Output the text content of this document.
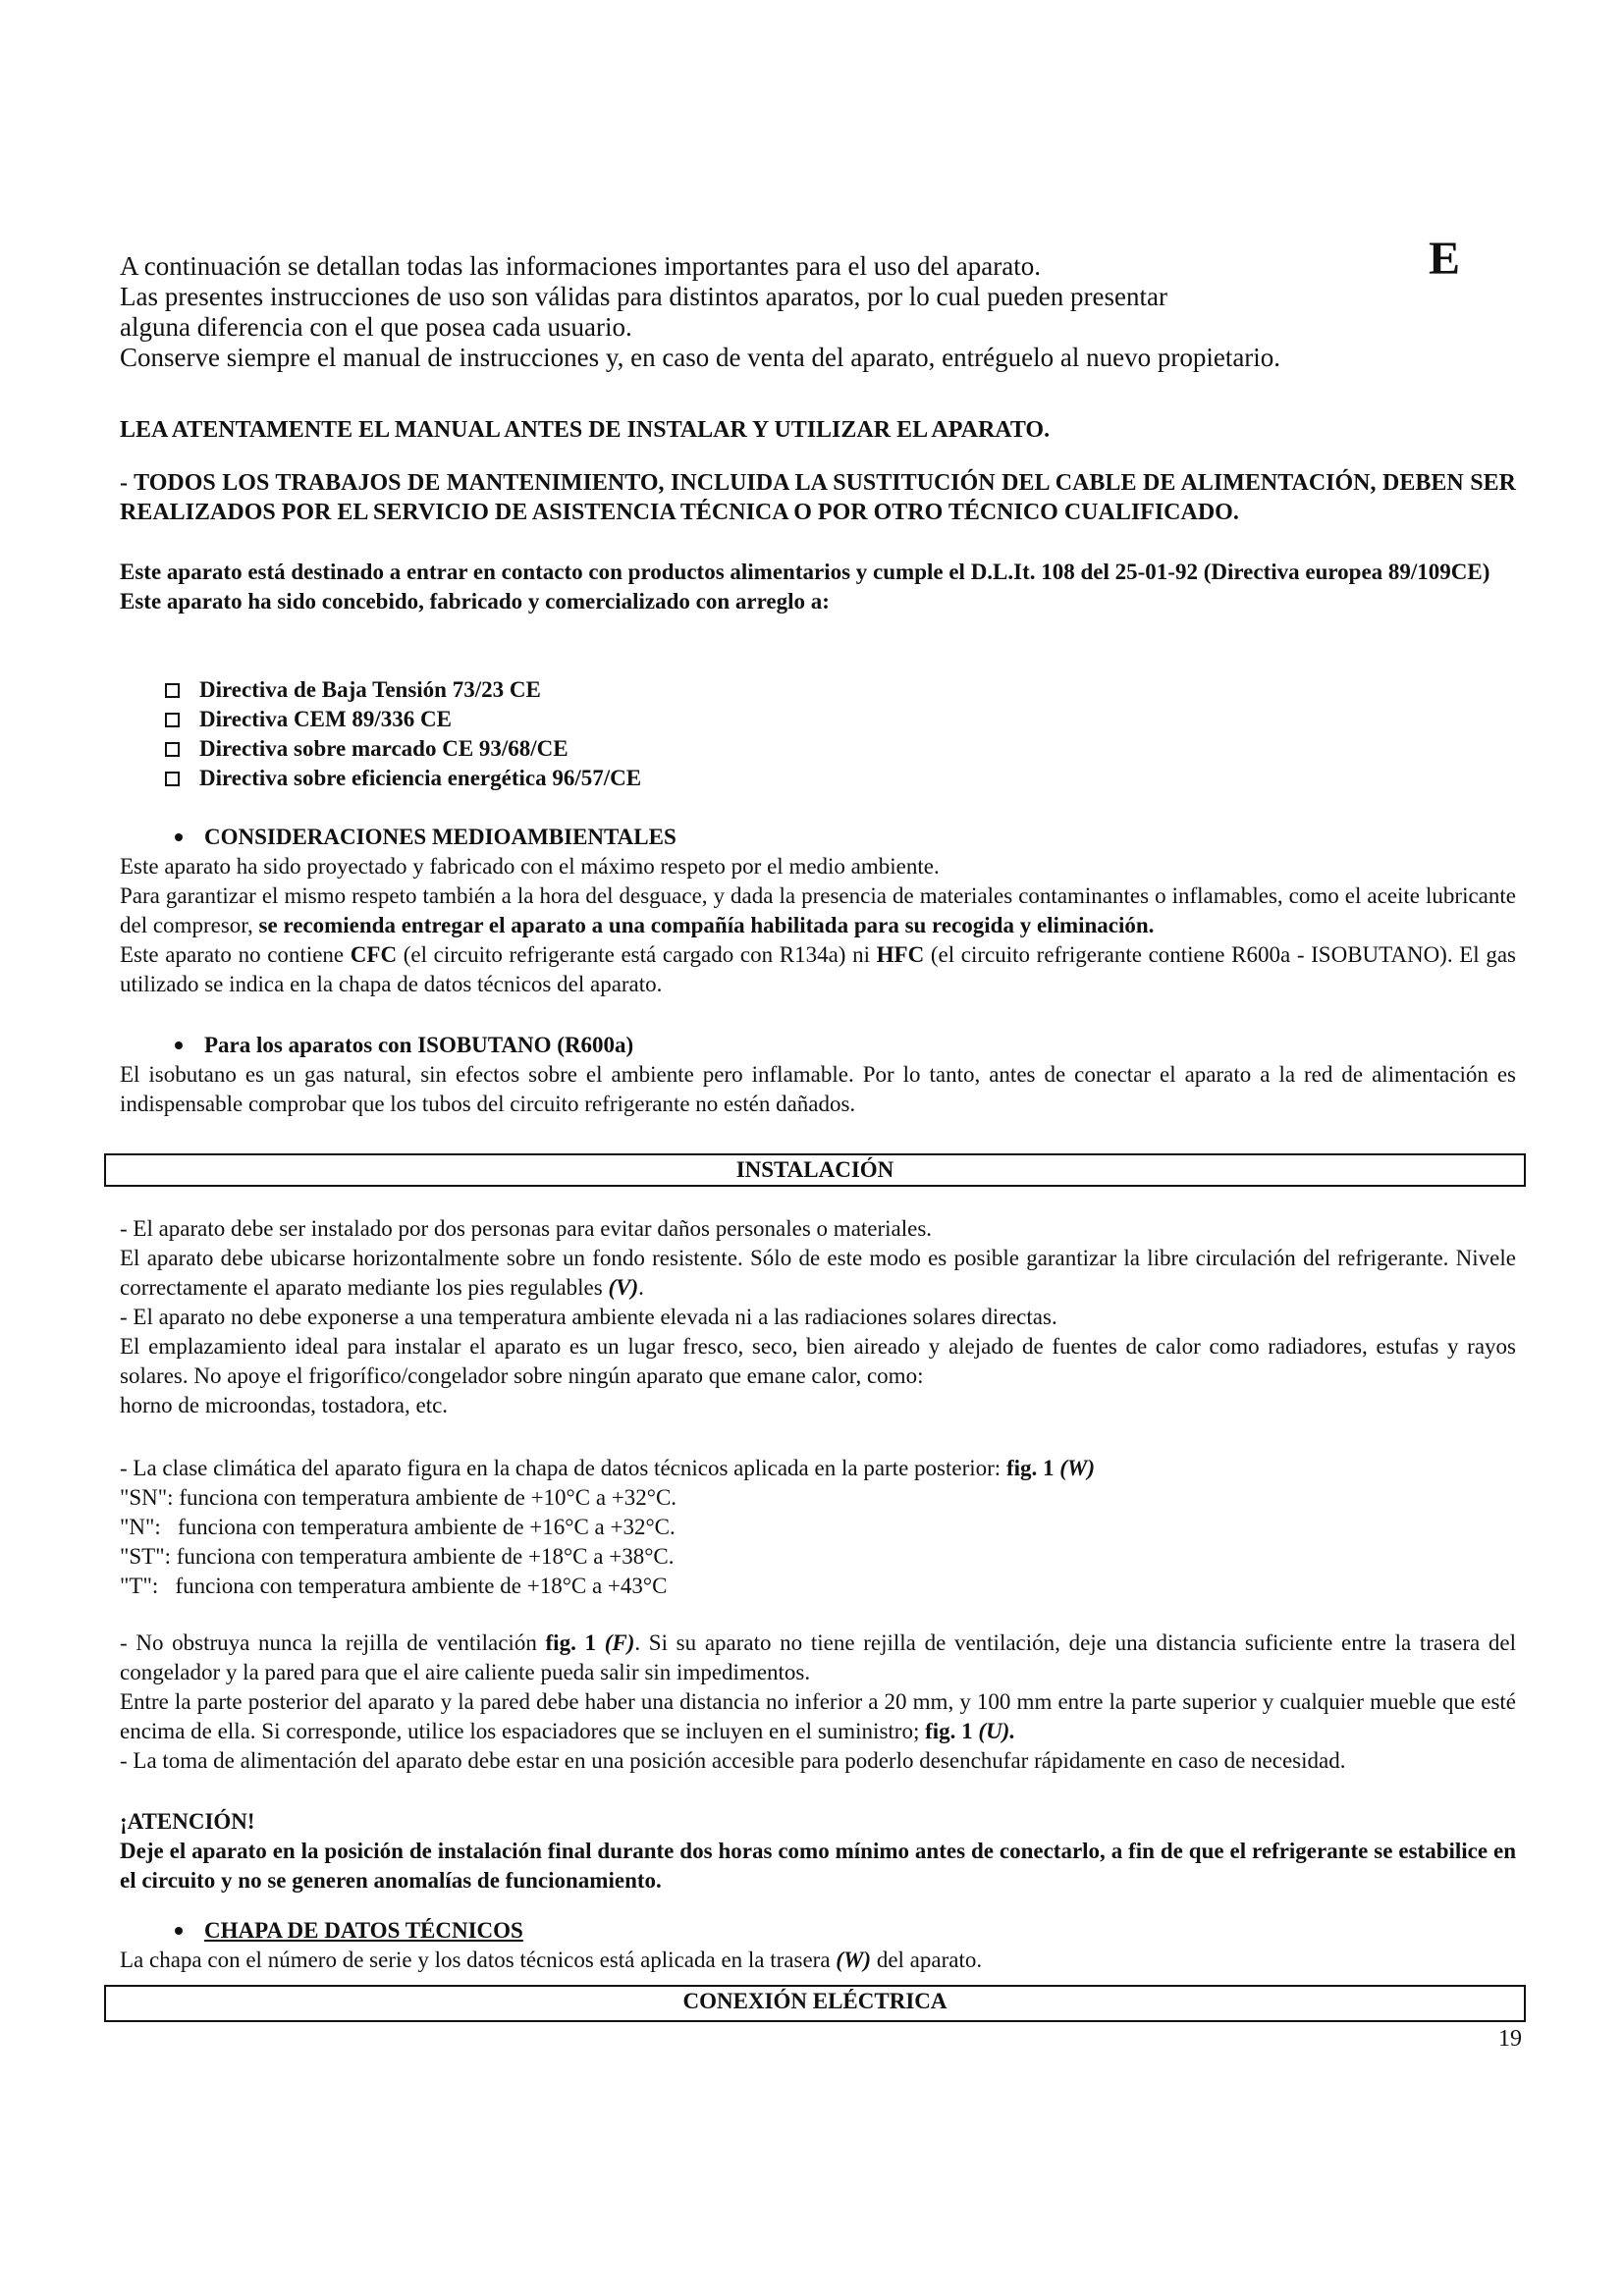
E

A continuación se detallan todas las informaciones importantes para el uso del aparato.

Las presentes instrucciones de uso son válidas para distintos aparatos, por lo cual pueden presentar

alguna diferencia con el que posea cada usuario.

Conserve siempre el manual de instrucciones y, en caso de venta del aparato, entréguelo al nuevo propietario.

LEA ATENTAMENTE EL MANUAL ANTES DE INSTALAR Y UTILIZAR EL APARATO.

- TODOS LOS TRABAJOS DE MANTENIMIENTO, INCLUIDA LA SUSTITUCIÓN DEL CABLE DE ALIMENTACIÓN, DEBEN SER REALIZADOS POR EL SERVICIO DE ASISTENCIA TÉCNICA O POR OTRO TÉCNICO CUALIFICADO.

Este aparato está destinado a entrar en contacto con productos alimentarios y cumple el D.L.It. 108 del 25-01-92 (Directiva europea 89/109CE)

Este aparato ha sido concebido, fabricado y comercializado con arreglo a:

Directiva de Baja Tensión 73/23 CE
Directiva CEM 89/336 CE
Directiva sobre marcado CE 93/68/CE
Directiva sobre eficiencia energética 96/57/CE
CONSIDERACIONES MEDIOAMBIENTALES

Este aparato ha sido proyectado y fabricado con el máximo respeto por el medio ambiente.

Para garantizar el mismo respeto también a la hora del desguace, y dada la presencia de materiales contaminantes o inflamables, como el aceite lubricante del compresor, se recomienda entregar el aparato a una compañía habilitada para su recogida y eliminación.

Este aparato no contiene CFC (el circuito refrigerante está cargado con R134a) ni HFC (el circuito refrigerante contiene R600a - ISOBUTANO). El gas utilizado se indica en la chapa de datos técnicos del aparato.

Para los aparatos con ISOBUTANO (R600a)

El isobutano es un gas natural, sin efectos sobre el ambiente pero inflamable. Por lo tanto, antes de conectar el aparato a la red de alimentación es indispensable comprobar que los tubos del circuito refrigerante no estén dañados.

INSTALACIÓN

- El aparato debe ser instalado por dos personas para evitar daños personales o materiales.

El aparato debe ubicarse horizontalmente sobre un fondo resistente. Sólo de este modo es posible garantizar la libre circulación del refrigerante. Nivele correctamente el aparato mediante los pies regulables (V).

- El aparato no debe exponerse a una temperatura ambiente elevada ni a las radiaciones solares directas.

El emplazamiento ideal para instalar el aparato es un lugar fresco, seco, bien aireado y alejado de fuentes de calor como radiadores, estufas y rayos solares. No apoye el frigorífico/congelador sobre ningún aparato que emane calor, como:

horno de microondas, tostadora, etc.

- La clase climática del aparato figura en la chapa de datos técnicos aplicada en la parte posterior: fig. 1 (W)

"SN": funciona con temperatura ambiente de +10°C a +32°C.

"N":   funciona con temperatura ambiente de +16°C a +32°C.

"ST": funciona con temperatura ambiente de +18°C a +38°C.

"T":   funciona con temperatura ambiente de +18°C a +43°C

- No obstruya nunca la rejilla de ventilación fig. 1 (F). Si su aparato no tiene rejilla de ventilación, deje una distancia suficiente entre la trasera del congelador y la pared para que el aire caliente pueda salir sin impedimentos.

Entre la parte posterior del aparato y la pared debe haber una distancia no inferior a 20 mm, y 100 mm entre la parte superior y cualquier mueble que esté encima de ella. Si corresponde, utilice los espaciadores que se incluyen en el suministro; fig. 1 (U).

- La toma de alimentación del aparato debe estar en una posición accesible para poderlo desenchufar rápidamente en caso de necesidad.

¡ATENCIÓN!

Deje el aparato en la posición de instalación final durante dos horas como mínimo antes de conectarlo, a fin de que el refrigerante se estabilice en el circuito y no se generen anomalías de funcionamiento.

CHAPA DE DATOS TÉCNICOS

La chapa con el número de serie y los datos técnicos está aplicada en la trasera (W) del aparato.

CONEXIÓN ELÉCTRICA
19
